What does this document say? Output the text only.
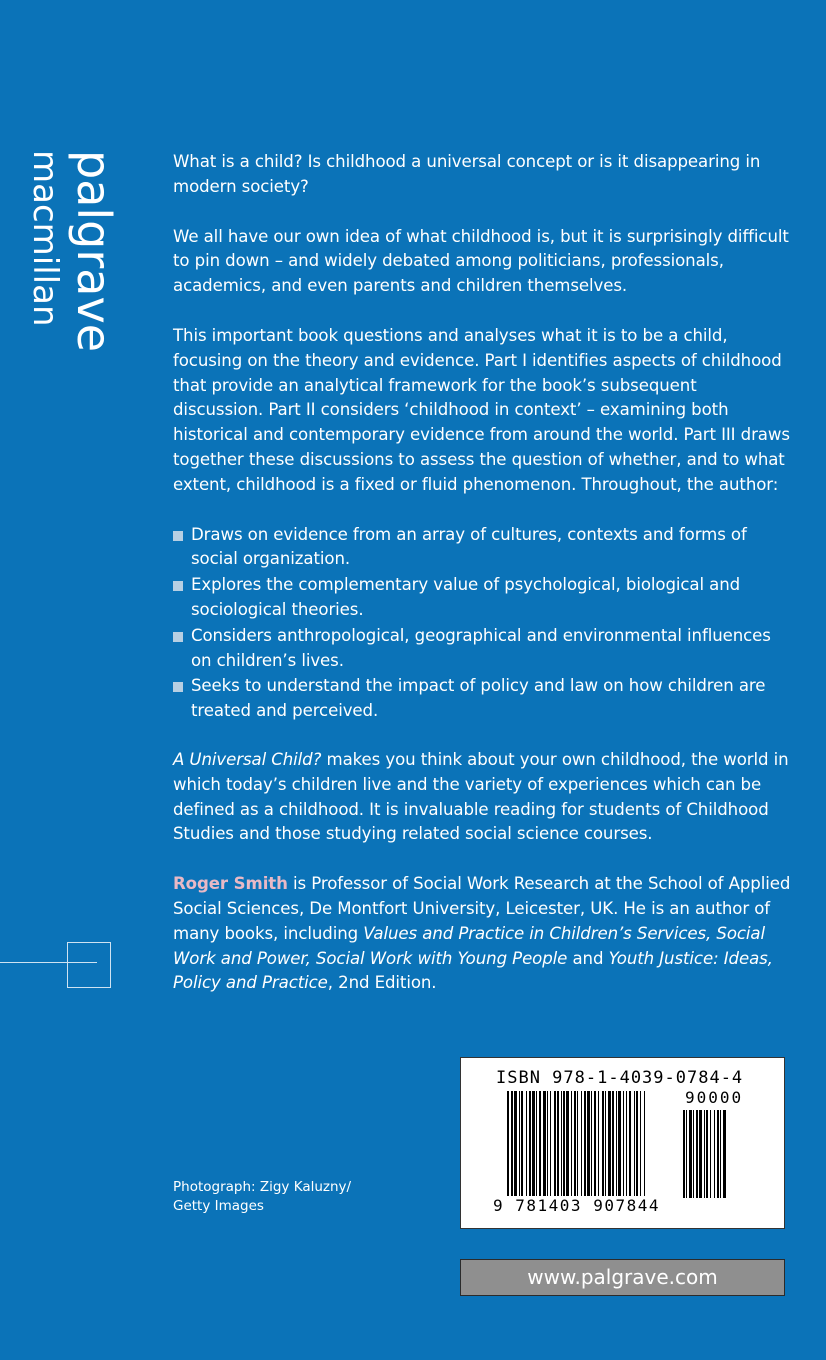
palgrave
macmillan	What is a child? Is childhood a universal concept or is it disappearing in modern society?

We all have our own idea of what childhood is, but it is surprisingly difficult to pin down – and widely debated among politicians, professionals, academics, and even parents and children themselves.

This important book questions and analyses what it is to be a child, focusing on the theory and evidence. Part I identifies aspects of childhood that provide an analytical framework for the book’s subsequent discussion. Part II considers ‘childhood in context’ – examining both historical and contemporary evidence from around the world. Part III draws together these discussions to assess the question of whether, and to what extent, childhood is a fixed or fluid phenomenon. Throughout, the author:

Draws on evidence from an array of cultures, contexts and forms of social organization.
Explores the complementary value of psychological, biological and sociological theories.
Considers anthropological, geographical and environmental influences on children’s lives.
Seeks to understand the impact of policy and law on how children are treated and perceived.

A Universal Child? makes you think about your own childhood, the world in which today’s children live and the variety of experiences which can be defined as a childhood. It is invaluable reading for students of Childhood Studies and those studying related social science courses.

Roger Smith is Professor of Social Work Research at the School of Applied Social Sciences, De Montfort University, Leicester, UK. He is an author of many books, including Values and Practice in Children’s Services, Social Work and Power, Social Work with Young People and Youth Justice: Ideas, Policy and Practice, 2nd Edition.

Photograph: Zigy Kaluzny/
Getty Images
ISBN 978-1-4039-0784-4
90000
9 781403 907844
www.palgrave.com
